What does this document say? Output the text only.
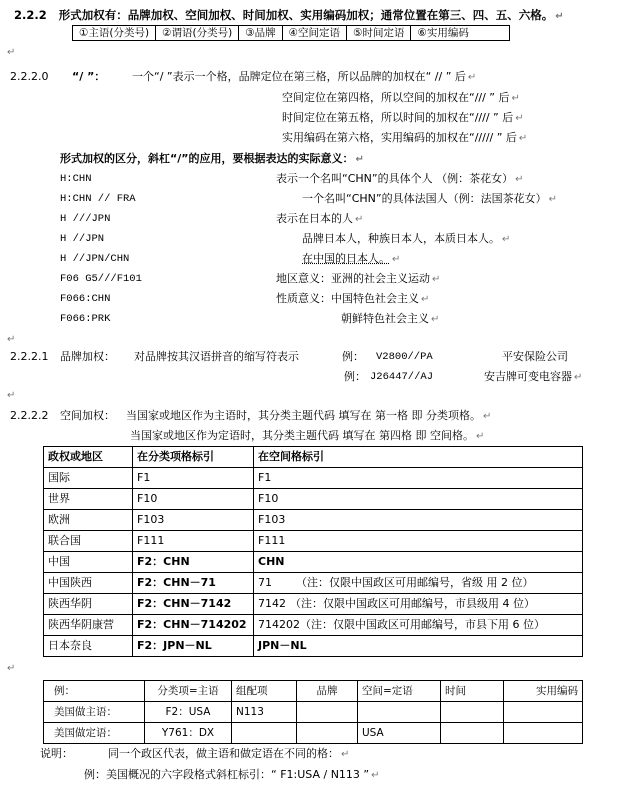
2.2.2 形式加权有：品牌加权、空间加权、时间加权、实用编码加权；通常位置在第三、四、五、六格。 ↵
①主语(分类号)	②谓语(分类号)	③品牌	④空间定语	⑤时间定语	⑥实用编码
↵
2.2.2.0 “/ ”： 一个“/ ”表示一个格，品牌定位在第三格，所以品牌的加权在“ // ” 后 ↵
空间定位在第四格，所以空间的加权在“/// ” 后 ↵
时间定位在第五格，所以时间的加权在“//// ” 后 ↵
实用编码在第六格，实用编码的加权在“///// ” 后 ↵
形式加权的区分，斜杠“/”的应用，要根据表达的实际意义： ↵
H:CHN	表示一个名叫“CHN”的具体个人 （例：茶花女） ↵
H:CHN // FRA	一个名叫“CHN”的具体法国人（例：法国茶花女） ↵
H ///JPN	表示在日本的人 ↵
H //JPN	品牌日本人，种族日本人，本质日本人。 ↵
H //JPN/CHN	在中国的日本人。 ↵
F06 G5///F101	地区意义：亚洲的社会主义运动 ↵
F066:CHN	性质意义：中国特色社会主义 ↵
F066:PRK	朝鲜特色社会主义 ↵
↵
2.2.2.1 品牌加权： 对品牌按其汉语拼音的缩写符表示	例： V2800//PA	平安保险公司
例： J26447//AJ	安吉牌可变电容器 ↵
↵
2.2.2.2 空间加权： 当国家或地区作为主语时，其分类主题代码 填写在 第一格 即 分类项格。 ↵
当国家或地区作为定语时，其分类主题代码 填写在 第四格 即 空间格。 ↵
政权或地区	在分类项格标引	在空间格标引
国际	F1	F1
世界	F10	F10
欧洲	F103	F103
联合国	F111	F111
中国	F2：CHN	CHN
中国陕西	F2：CHN－71	71 （注：仅限中国政区可用邮编号，省级 用 2 位）
陕西华阴	F2：CHN－7142	7142 （注：仅限中国政区可用邮编号，市县级用 4 位）
陕西华阴康营	F2：CHN－714202	714202（注：仅限中国政区可用邮编号，市县下用 6 位）
日本奈良	F2：JPN－NL	JPN－NL
↵
例：	分类项=主语	组配项	品牌	空间=定语	时间	实用编码
美国做主语：	F2：USA	N113				
美国做定语：	Y761：DX			USA		
说明：	同一个政区代表，做主语和做定语在不同的格： ↵
例：美国概况的六字段格式斜杠标引：“ F1:USA / N113 ” ↵
